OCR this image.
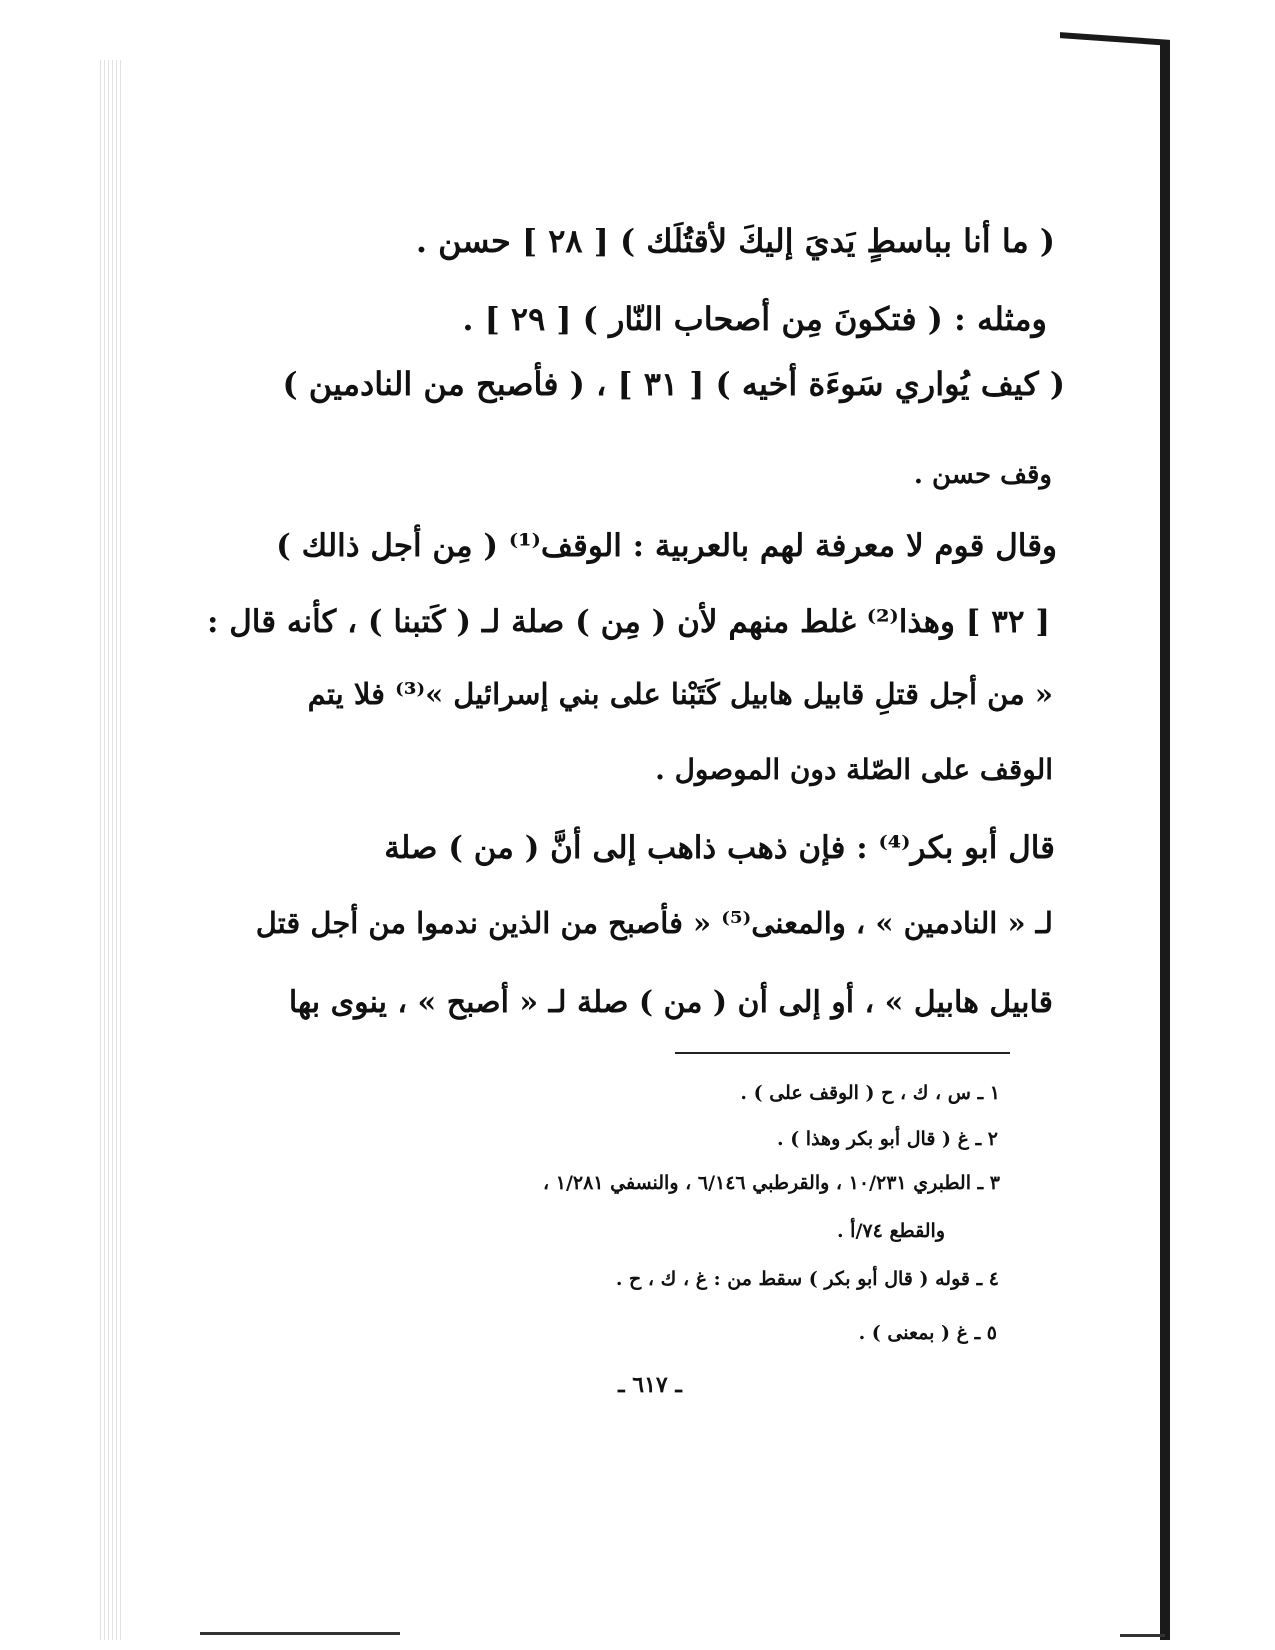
( ما أنا بباسطٍ يَديَ إليكَ لأقتُلَك ) [ ٢٨ ] حسن .
ومثله : ( فتكونَ مِن أصحاب النّار ) [ ٢٩ ] .
( كيف يُواري سَوءَة أخيه ) [ ٣١ ] ، ( فأصبح من النادمين )
وقف حسن .
وقال قوم لا معرفة لهم بالعربية : الوقف⁽¹⁾ ( مِن أجل ذالك )
[ ٣٢ ] وهذا⁽²⁾ غلط منهم لأن ( مِن ) صلة لـ ( كَتبنا ) ، كأنه قال :
« من أجل قتلِ قابيل هابيل كَتَبْنا على بني إسرائيل »⁽³⁾ فلا يتم
الوقف على الصّلة دون الموصول .
قال أبو بكر⁽⁴⁾ : فإن ذهب ذاهب إلى أنَّ ( من ) صلة
لـ « النادمين » ، والمعنى⁽⁵⁾ « فأصبح من الذين ندموا من أجل قتل
قابيل هابيل » ، أو إلى أن ( من ) صلة لـ « أصبح » ، ينوى بها
١ ـ س ، ك ، ح ( الوقف على ) .
٢ ـ غ ( قال أبو بكر وهذا ) .
٣ ـ الطبري ١٠/٢٣١ ، والقرطبي ٦/١٤٦ ، والنسفي ١/٢٨١ ،
والقطع ٧٤/أ .
٤ ـ قوله ( قال أبو بكر ) سقط من : غ ، ك ، ح .
٥ ـ غ ( بمعنى ) .
ـ ٦١٧ ـ
